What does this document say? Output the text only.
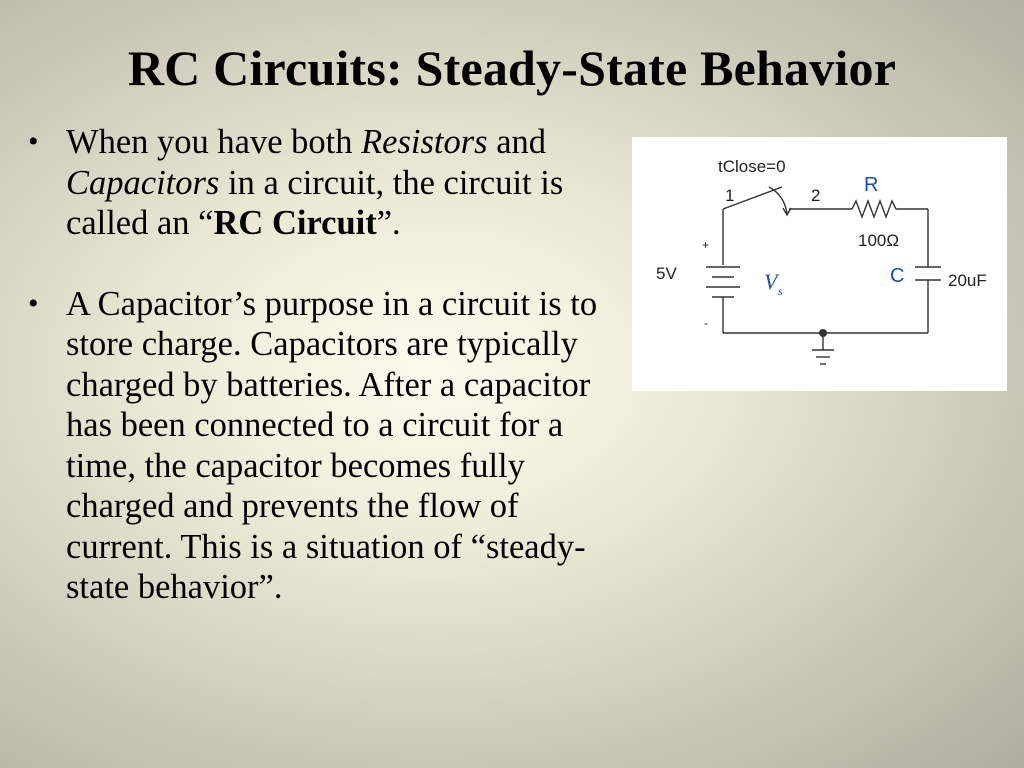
RC Circuits: Steady-State Behavior
• When you have both Resistors and Capacitors in a circuit, the circuit is called an “RC Circuit”.
• A Capacitor’s purpose in a circuit is to store charge. Capacitors are typically charged by batteries. After a capacitor has been connected to a circuit for a time, the capacitor becomes fully charged and prevents the flow of current. This is a situation of “steady-state behavior”.
tClose=0
1	2 R
100Ω
C	20uF
5V	V s
+
-
